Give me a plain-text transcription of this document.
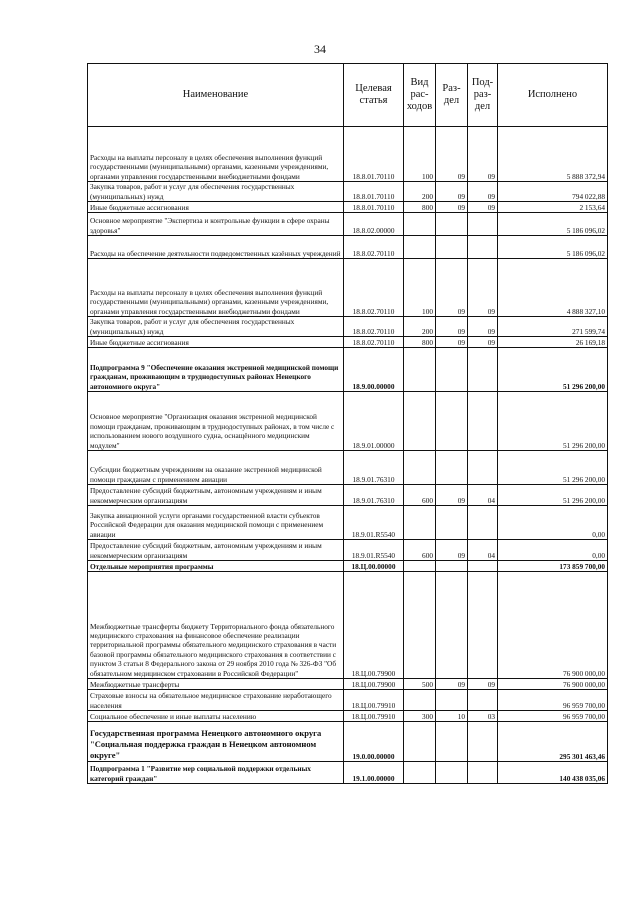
34
Наименование	Целевая статья	Вид рас- ходов	Раз- дел	Под- раз- дел	Исполнено
Расходы на выплаты персоналу в целях обеспечения выполнения функций государственными (муниципальными) органами, казенными учреждениями, органами управления государственными внебюджетными фондами	18.8.01.70110	100	09	09	5 888 372,94
Закупка товаров, работ и услуг для обеспечения государственных (муниципальных) нужд	18.8.01.70110	200	09	09	794 022,88
Иные бюджетные ассигнования	18.8.01.70110	800	09	09	2 153,64
Основное мероприятие "Экспертиза и контрольные функции в сфере охраны здоровья"	18.8.02.00000				5 186 096,02
Расходы на обеспечение деятельности подведомственных казённых учреждений	18.8.02.70110				5 186 096,02
Расходы на выплаты персоналу в целях обеспечения выполнения функций государственными (муниципальными) органами, казенными учреждениями, органами управления государственными внебюджетными фондами	18.8.02.70110	100	09	09	4 888 327,10
Закупка товаров, работ и услуг для обеспечения государственных (муниципальных) нужд	18.8.02.70110	200	09	09	271 599,74
Иные бюджетные ассигнования	18.8.02.70110	800	09	09	26 169,18
Подпрограмма 9 "Обеспечение оказания экстренной медицинской помощи гражданам, проживающим в труднодоступных районах Ненецкого автономного округа"	18.9.00.00000				51 296 200,00
Основное мероприятие "Организация оказания экстренной медицинской помощи гражданам, проживающим в труднодоступных районах, в том числе с использованием нового воздушного судна, оснащённого медицинским модулем"	18.9.01.00000				51 296 200,00
Субсидии бюджетным учреждениям на оказание экстренной медицинской помощи гражданам с применением авиации	18.9.01.76310				51 296 200,00
Предоставление субсидий бюджетным, автономным учреждениям и иным некоммерческим организациям	18.9.01.76310	600	09	04	51 296 200,00
Закупка авиационной услуги органами государственной власти субъектов Российской Федерации для оказания медицинской помощи с применением авиации	18.9.01.R5540				0,00
Предоставление субсидий бюджетным, автономным учреждениям и иным некоммерческим организациям	18.9.01.R5540	600	09	04	0,00
Отдельные мероприятия программы	18.Ц.00.00000				173 859 700,00
Межбюджетные трансферты бюджету Территориального фонда обязательного медицинского страхования на финансовое обеспечение реализации территориальной программы обязательного медицинского страхования в части базовой программы обязательного медицинского страхования в соответствии с пунктом 3 статьи 8 Федерального закона от 29 ноября 2010 года № 326-ФЗ "Об обязательном медицинском страховании в Российской Федерации"	18.Ц.00.79900				76 900 000,00
Межбюджетные трансферты	18.Ц.00.79900	500	09	09	76 900 000,00
Страховые взносы на обязательное медицинское страхование неработающего населения	18.Ц.00.79910				96 959 700,00
Социальное обеспечение и иные выплаты населению	18.Ц.00.79910	300	10	03	96 959 700,00
Государственная программа Ненецкого автономного округа "Социальная поддержка граждан в Ненецком автономном округе"	19.0.00.00000				295 301 463,46
Подпрограмма 1 "Развитие мер социальной поддержки отдельных категорий граждан"	19.1.00.00000				140 438 035,06
